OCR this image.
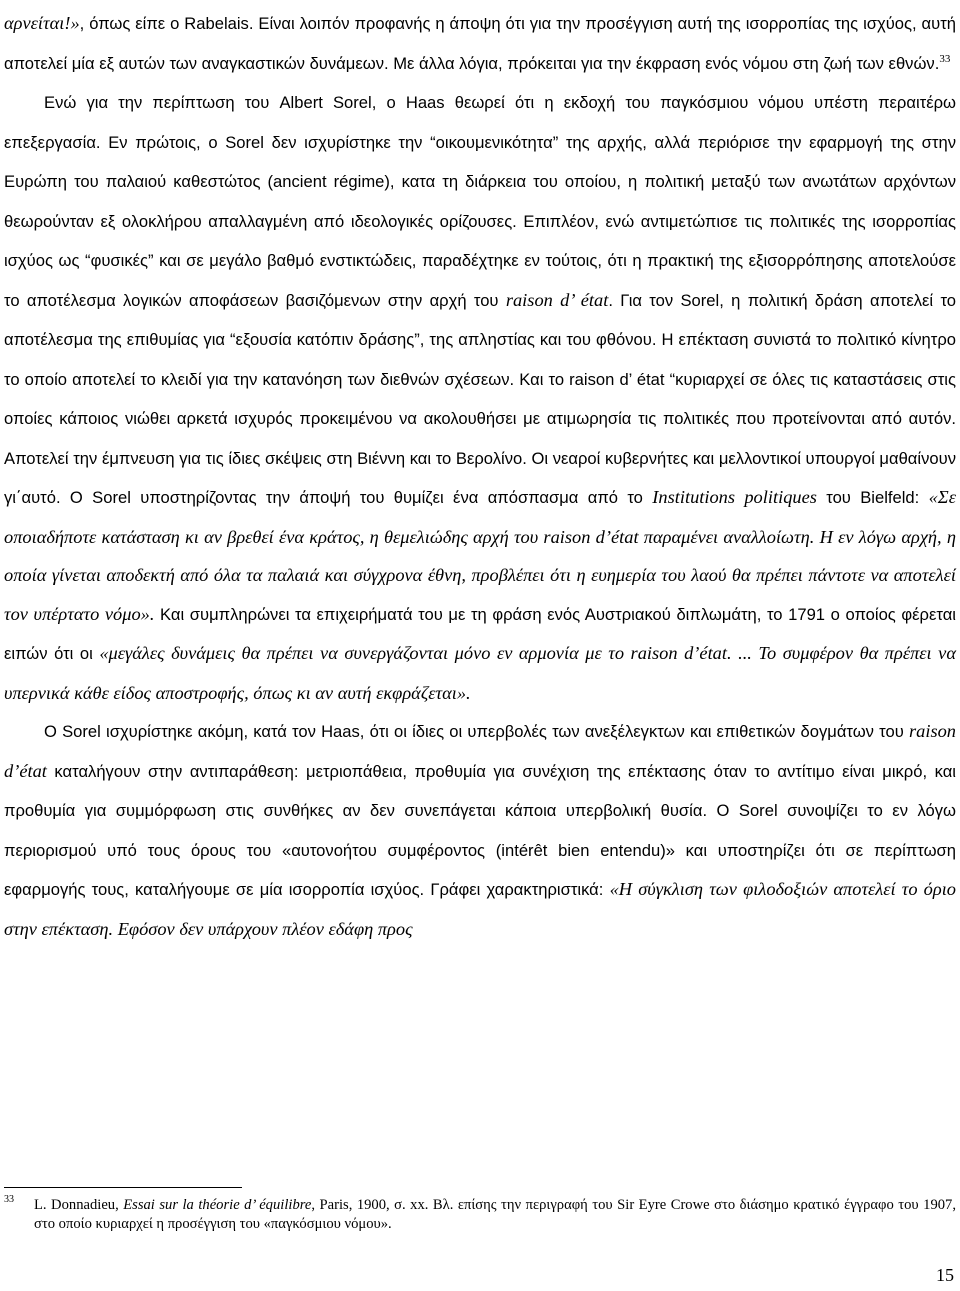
αρνείται!», όπως είπε ο Rabelais. Είναι λοιπόν προφανής η άποψη ότι για την προσέγγιση αυτή της ισορροπίας της ισχύος, αυτή αποτελεί μία εξ αυτών των αναγκαστικών δυνάμεων. Με άλλα λόγια, πρόκειται για την έκφραση ενός νόμου στη ζωή των εθνών.$^{33}$

Ενώ για την περίπτωση του Albert Sorel, ο Haas θεωρεί ότι η εκδοχή του παγκόσμιου νόμου υπέστη περαιτέρω επεξεργασία. Εν πρώτοις, ο Sorel δεν ισχυρίστηκε την “οικουμενικότητα” της αρχής, αλλά περιόρισε την εφαρμογή της στην Ευρώπη του παλαιού καθεστώτος (ancient régime), κατα τη διάρκεια του οποίου, η πολιτική μεταξύ των ανωτάτων αρχόντων θεωρούνταν εξ ολοκλήρου απαλλαγμένη από ιδεολογικές ορίζουσες. Επιπλέον, ενώ αντιμετώπισε τις πολιτικές της ισορροπίας ισχύος ως “φυσικές” και σε μεγάλο βαθμό ενστικτώδεις, παραδέχτηκε εν τούτοις, ότι η πρακτική της εξισορρόπησης αποτελούσε το αποτέλεσμα λογικών αποφάσεων βασιζόμενων στην αρχή του raison d’ état. Για τον Sorel, η πολιτική δράση αποτελεί το αποτέλεσμα της επιθυμίας για “εξουσία κατόπιν δράσης”, της απληστίας και του φθόνου. Η επέκταση συνιστά το πολιτικό κίνητρο το οποίο αποτελεί το κλειδί για την κατανόηση των διεθνών σχέσεων. Και το raison d’ état “κυριαρχεί σε όλες τις καταστάσεις στις οποίες κάποιος νιώθει αρκετά ισχυρός προκειμένου να ακολουθήσει με ατιμωρησία τις πολιτικές που προτείνονται από αυτόν. Αποτελεί την έμπνευση για τις ίδιες σκέψεις στη Βιέννη και το Βερολίνο. Οι νεαροί κυβερνήτες και μελλοντικοί υπουργοί μαθαίνουν γι΄αυτό. Ο Sorel υποστηρίζοντας την άποψή του θυμίζει ένα απόσπασμα από το Institutions politiques του Bielfeld: «Σε οποιαδήποτε κατάσταση κι αν βρεθεί ένα κράτος, η θεμελιώδης αρχή του raison d’état παραμένει αναλλοίωτη. Η εν λόγω αρχή, η οποία γίνεται αποδεκτή από όλα τα παλαιά και σύγχρονα έθνη, προβλέπει ότι η ευημερία του λαού θα πρέπει πάντοτε να αποτελεί τον υπέρτατο νόμο». Και συμπληρώνει τα επιχειρήματά του με τη φράση ενός Αυστριακού διπλωμάτη, το 1791 ο οποίος φέρεται ειπών ότι οι «μεγάλες δυνάμεις θα πρέπει να συνεργάζονται μόνο εν αρμονία με το raison d’état. ... Το συμφέρον θα πρέπει να υπερνικά κάθε είδος αποστροφής, όπως κι αν αυτή εκφράζεται».

Ο Sorel ισχυρίστηκε ακόμη, κατά τον Haas, ότι οι ίδιες οι υπερβολές των ανεξέλεγκτων και επιθετικών δογμάτων του raison d’état καταλήγουν στην αντιπαράθεση: μετριοπάθεια, προθυμία για συνέχιση της επέκτασης όταν το αντίτιμο είναι μικρό, και προθυμία για συμμόρφωση στις συνθήκες αν δεν συνεπάγεται κάποια υπερβολική θυσία. Ο Sorel συνοψίζει το εν λόγω περιορισμού υπό τους όρους του «αυτονοήτου συμφέροντος (intérêt bien entendu)» και υποστηρίζει ότι σε περίπτωση εφαρμογής τους, καταλήγουμε σε μία ισορροπία ισχύος. Γράφει χαρακτηριστικά: «Η σύγκλιση των φιλοδοξιών αποτελεί το όριο στην επέκταση. Εφόσον δεν υπάρχουν πλέον εδάφη προς

33 L. Donnadieu, Essai sur la théorie d’ équilibre, Paris, 1900, σ. xx. Βλ. επίσης την περιγραφή του Sir Eyre Crowe στο διάσημο κρατικό έγγραφο του 1907, στο οποίο κυριαρχεί η προσέγγιση του «παγκόσμιου νόμου».
15
